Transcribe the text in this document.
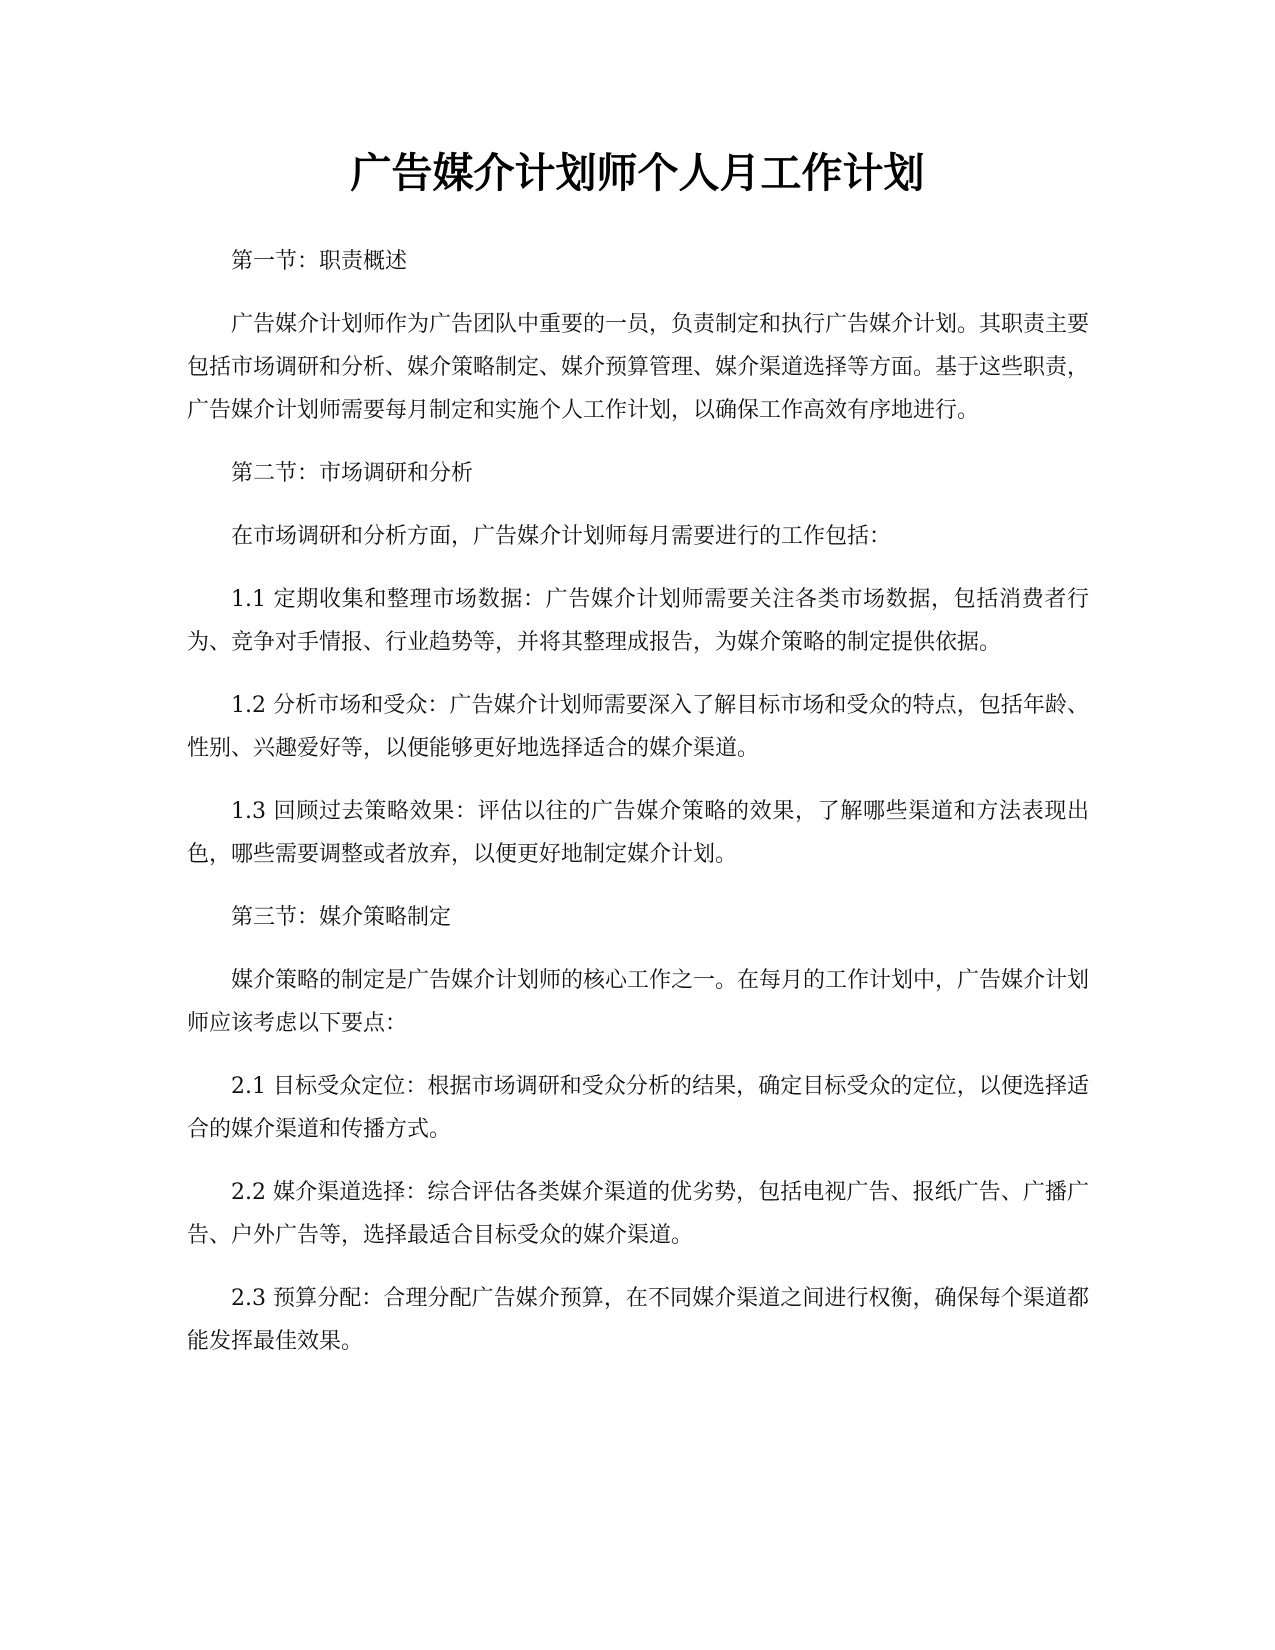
广告媒介计划师个人月工作计划

第一节：职责概述

广告媒介计划师作为广告团队中重要的一员，负责制定和执行广告媒介计划。其职责主要包括市场调研和分析、媒介策略制定、媒介预算管理、媒介渠道选择等方面。基于这些职责，广告媒介计划师需要每月制定和实施个人工作计划，以确保工作高效有序地进行。

第二节：市场调研和分析

在市场调研和分析方面，广告媒介计划师每月需要进行的工作包括：

1.1 定期收集和整理市场数据：广告媒介计划师需要关注各类市场数据，包括消费者行为、竞争对手情报、行业趋势等，并将其整理成报告，为媒介策略的制定提供依据。

1.2 分析市场和受众：广告媒介计划师需要深入了解目标市场和受众的特点，包括年龄、性别、兴趣爱好等，以便能够更好地选择适合的媒介渠道。

1.3 回顾过去策略效果：评估以往的广告媒介策略的效果，了解哪些渠道和方法表现出色，哪些需要调整或者放弃，以便更好地制定媒介计划。

第三节：媒介策略制定

媒介策略的制定是广告媒介计划师的核心工作之一。在每月的工作计划中，广告媒介计划师应该考虑以下要点：

2.1 目标受众定位：根据市场调研和受众分析的结果，确定目标受众的定位，以便选择适合的媒介渠道和传播方式。

2.2 媒介渠道选择：综合评估各类媒介渠道的优劣势，包括电视广告、报纸广告、广播广告、户外广告等，选择最适合目标受众的媒介渠道。

2.3 预算分配：合理分配广告媒介预算，在不同媒介渠道之间进行权衡，确保每个渠道都能发挥最佳效果。
